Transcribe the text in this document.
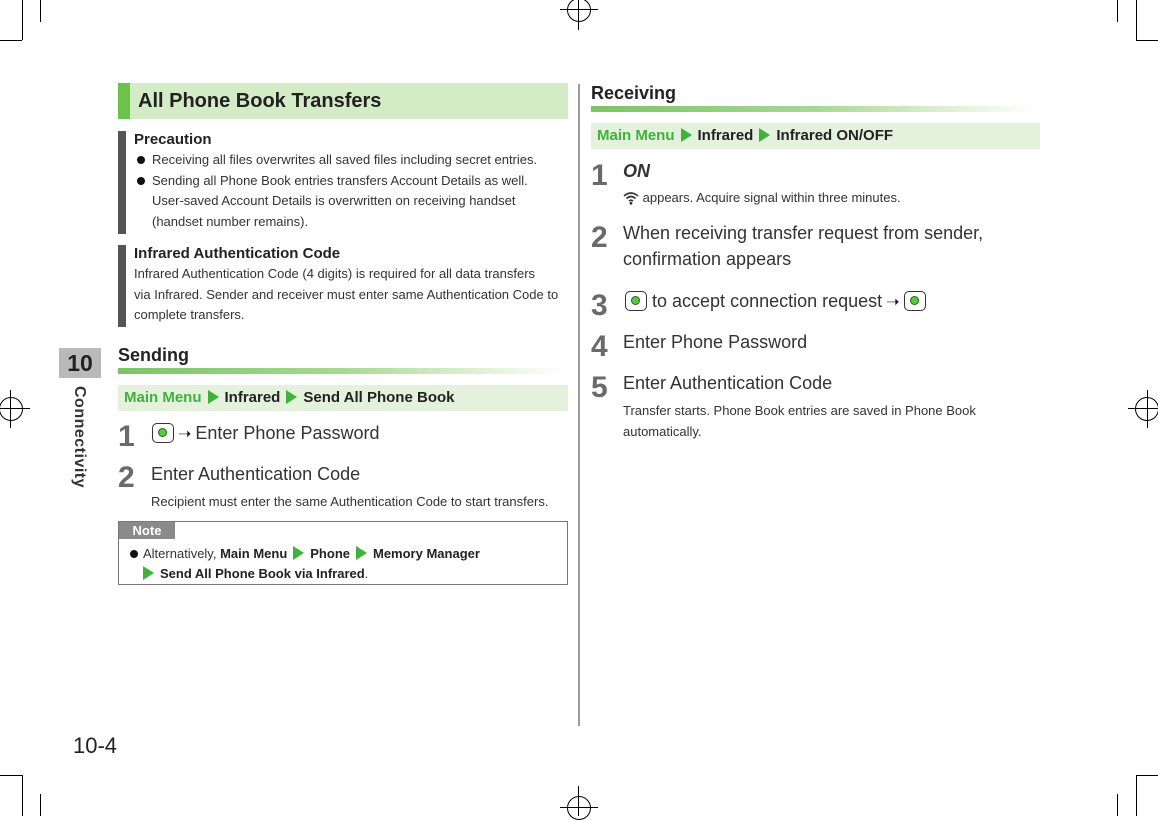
10
Connectivity
10-4
All Phone Book Transfers
Precaution
Receiving all files overwrites all saved files including secret entries.
Sending all Phone Book entries transfers Account Details as well.
User-saved Account Details is overwritten on receiving handset
(handset number remains).
Infrared Authentication Code
Infrared Authentication Code (4 digits) is required for all data transfers
via Infrared. Sender and receiver must enter same Authentication Code to
complete transfers.
Sending
Main Menu Infrared Send All Phone Book
1	➝ Enter Phone Password
2 Enter Authentication Code
Recipient must enter the same Authentication Code to start transfers.
Note
Alternatively, Main Menu Phone Memory Manager
Send All Phone Book via Infrared.
Receiving
Main Menu Infrared Infrared ON/OFF
1 ON
appears. Acquire signal within three minutes.
2 When receiving transfer request from sender,
confirmation appears
3	to accept connection request ➝
4 Enter Phone Password
5 Enter Authentication Code
Transfer starts. Phone Book entries are saved in Phone Book
automatically.
